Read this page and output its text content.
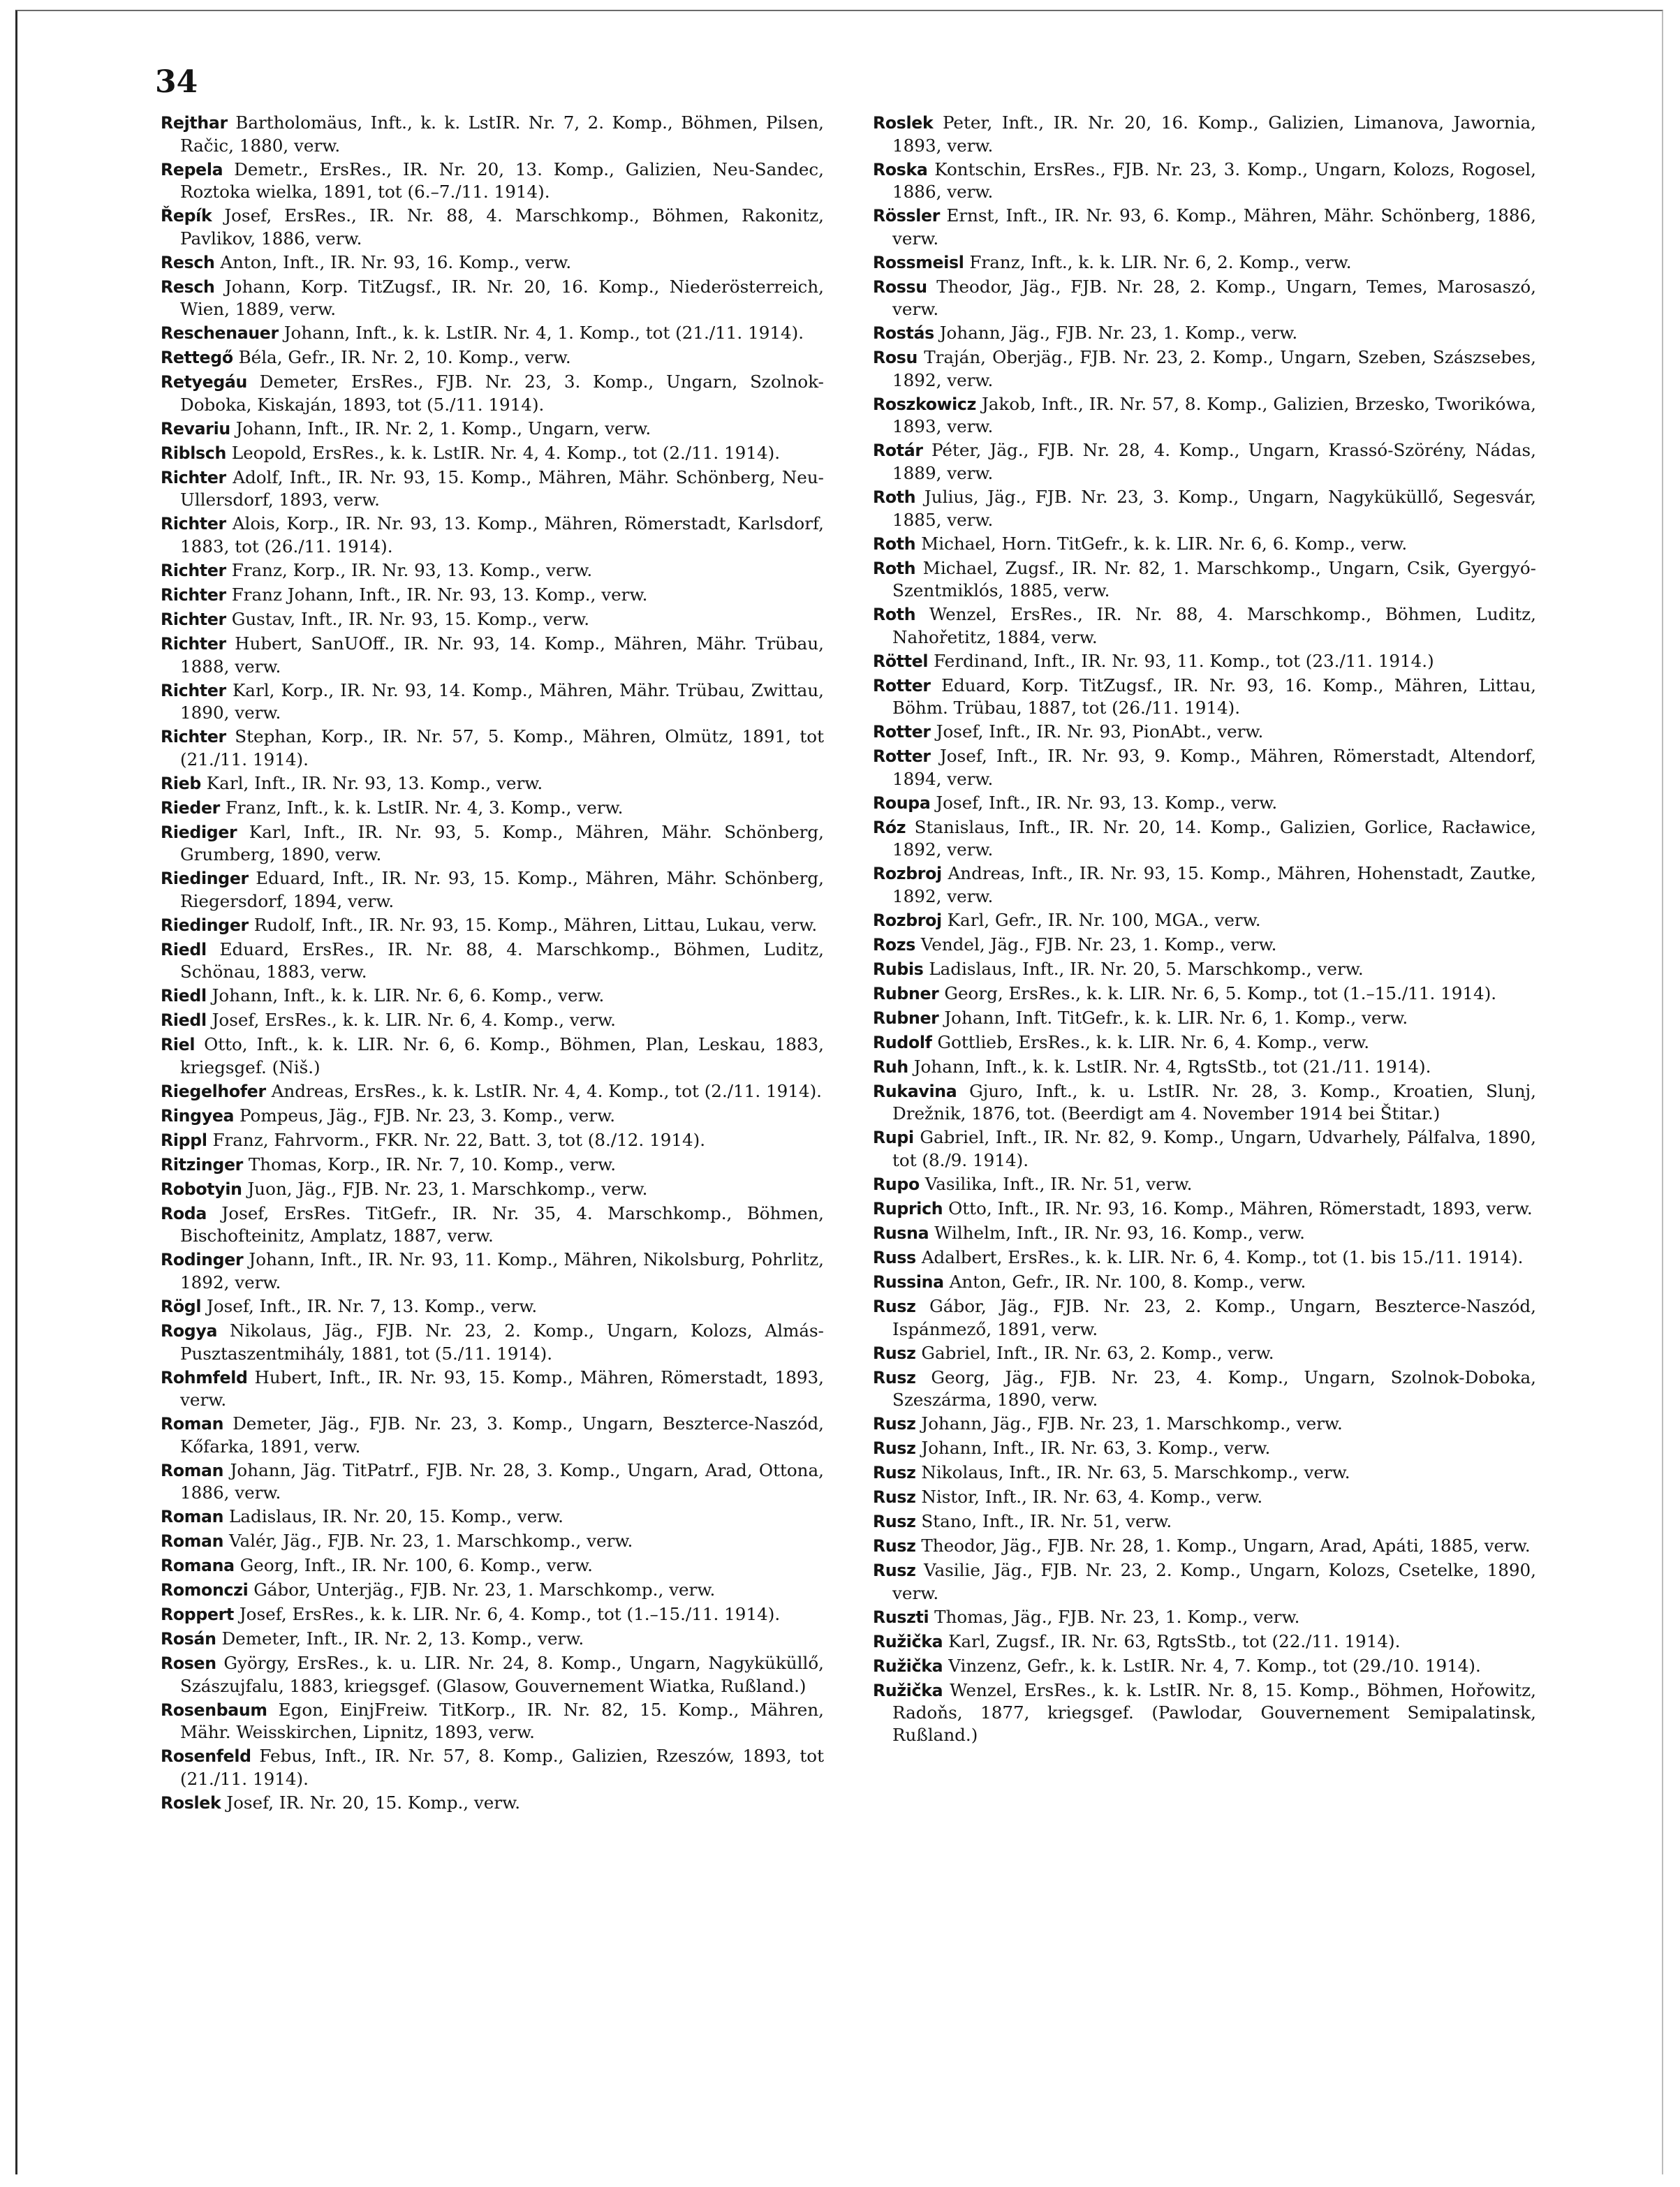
34
Rejthar Bartholomäus, Inft., k. k. LstIR. Nr. 7, 2. Komp., Böhmen, Pilsen, Račic, 1880, verw.
Repela Demetr., ErsRes., IR. Nr. 20, 13. Komp., Galizien, Neu-Sandec, Roztoka wielka, 1891, tot (6.–7./11. 1914).
Řepík Josef, ErsRes., IR. Nr. 88, 4. Marschkomp., Böhmen, Rakonitz, Pavlikov, 1886, verw.
Resch Anton, Inft., IR. Nr. 93, 16. Komp., verw.
Resch Johann, Korp. TitZugsf., IR. Nr. 20, 16. Komp., Niederösterreich, Wien, 1889, verw.
Reschenauer Johann, Inft., k. k. LstIR. Nr. 4, 1. Komp., tot (21./11. 1914).
Rettegő Béla, Gefr., IR. Nr. 2, 10. Komp., verw.
Retyegáu Demeter, ErsRes., FJB. Nr. 23, 3. Komp., Ungarn, Szolnok-Doboka, Kiskaján, 1893, tot (5./11. 1914).
Revariu Johann, Inft., IR. Nr. 2, 1. Komp., Ungarn, verw.
Riblsch Leopold, ErsRes., k. k. LstIR. Nr. 4, 4. Komp., tot (2./11. 1914).
Richter Adolf, Inft., IR. Nr. 93, 15. Komp., Mähren, Mähr. Schönberg, Neu-Ullersdorf, 1893, verw.
Richter Alois, Korp., IR. Nr. 93, 13. Komp., Mähren, Römerstadt, Karlsdorf, 1883, tot (26./11. 1914).
Richter Franz, Korp., IR. Nr. 93, 13. Komp., verw.
Richter Franz Johann, Inft., IR. Nr. 93, 13. Komp., verw.
Richter Gustav, Inft., IR. Nr. 93, 15. Komp., verw.
Richter Hubert, SanUOff., IR. Nr. 93, 14. Komp., Mähren, Mähr. Trübau, 1888, verw.
Richter Karl, Korp., IR. Nr. 93, 14. Komp., Mähren, Mähr. Trübau, Zwittau, 1890, verw.
Richter Stephan, Korp., IR. Nr. 57, 5. Komp., Mähren, Olmütz, 1891, tot (21./11. 1914).
Rieb Karl, Inft., IR. Nr. 93, 13. Komp., verw.
Rieder Franz, Inft., k. k. LstIR. Nr. 4, 3. Komp., verw.
Riediger Karl, Inft., IR. Nr. 93, 5. Komp., Mähren, Mähr. Schönberg, Grumberg, 1890, verw.
Riedinger Eduard, Inft., IR. Nr. 93, 15. Komp., Mähren, Mähr. Schönberg, Riegersdorf, 1894, verw.
Riedinger Rudolf, Inft., IR. Nr. 93, 15. Komp., Mähren, Littau, Lukau, verw.
Riedl Eduard, ErsRes., IR. Nr. 88, 4. Marschkomp., Böhmen, Luditz, Schönau, 1883, verw.
Riedl Johann, Inft., k. k. LIR. Nr. 6, 6. Komp., verw.
Riedl Josef, ErsRes., k. k. LIR. Nr. 6, 4. Komp., verw.
Riel Otto, Inft., k. k. LIR. Nr. 6, 6. Komp., Böhmen, Plan, Leskau, 1883, kriegsgef. (Niš.)
Riegelhofer Andreas, ErsRes., k. k. LstIR. Nr. 4, 4. Komp., tot (2./11. 1914).
Ringyea Pompeus, Jäg., FJB. Nr. 23, 3. Komp., verw.
Rippl Franz, Fahrvorm., FKR. Nr. 22, Batt. 3, tot (8./12. 1914).
Ritzinger Thomas, Korp., IR. Nr. 7, 10. Komp., verw.
Robotyin Juon, Jäg., FJB. Nr. 23, 1. Marschkomp., verw.
Roda Josef, ErsRes. TitGefr., IR. Nr. 35, 4. Marschkomp., Böhmen, Bischofteinitz, Amplatz, 1887, verw.
Rodinger Johann, Inft., IR. Nr. 93, 11. Komp., Mähren, Nikolsburg, Pohrlitz, 1892, verw.
Rögl Josef, Inft., IR. Nr. 7, 13. Komp., verw.
Rogya Nikolaus, Jäg., FJB. Nr. 23, 2. Komp., Ungarn, Kolozs, Almás-Pusztaszentmihály, 1881, tot (5./11. 1914).
Rohmfeld Hubert, Inft., IR. Nr. 93, 15. Komp., Mähren, Römerstadt, 1893, verw.
Roman Demeter, Jäg., FJB. Nr. 23, 3. Komp., Ungarn, Beszterce-Naszód, Kőfarka, 1891, verw.
Roman Johann, Jäg. TitPatrf., FJB. Nr. 28, 3. Komp., Ungarn, Arad, Ottona, 1886, verw.
Roman Ladislaus, IR. Nr. 20, 15. Komp., verw.
Roman Valér, Jäg., FJB. Nr. 23, 1. Marschkomp., verw.
Romana Georg, Inft., IR. Nr. 100, 6. Komp., verw.
Romonczi Gábor, Unterjäg., FJB. Nr. 23, 1. Marschkomp., verw.
Roppert Josef, ErsRes., k. k. LIR. Nr. 6, 4. Komp., tot (1.–15./11. 1914).
Rosán Demeter, Inft., IR. Nr. 2, 13. Komp., verw.
Rosen György, ErsRes., k. u. LIR. Nr. 24, 8. Komp., Ungarn, Nagyküküllő, Szászujfalu, 1883, kriegsgef. (Glasow, Gouvernement Wiatka, Rußland.)
Rosenbaum Egon, EinjFreiw. TitKorp., IR. Nr. 82, 15. Komp., Mähren, Mähr. Weisskirchen, Lipnitz, 1893, verw.
Rosenfeld Febus, Inft., IR. Nr. 57, 8. Komp., Galizien, Rzeszów, 1893, tot (21./11. 1914).
Roslek Josef, IR. Nr. 20, 15. Komp., verw.
Roslek Peter, Inft., IR. Nr. 20, 16. Komp., Galizien, Limanova, Jawornia, 1893, verw.
Roska Kontschin, ErsRes., FJB. Nr. 23, 3. Komp., Ungarn, Kolozs, Rogosel, 1886, verw.
Rössler Ernst, Inft., IR. Nr. 93, 6. Komp., Mähren, Mähr. Schönberg, 1886, verw.
Rossmeisl Franz, Inft., k. k. LIR. Nr. 6, 2. Komp., verw.
Rossu Theodor, Jäg., FJB. Nr. 28, 2. Komp., Ungarn, Temes, Marosaszó, verw.
Rostás Johann, Jäg., FJB. Nr. 23, 1. Komp., verw.
Rosu Traján, Oberjäg., FJB. Nr. 23, 2. Komp., Ungarn, Szeben, Szászsebes, 1892, verw.
Roszkowicz Jakob, Inft., IR. Nr. 57, 8. Komp., Galizien, Brzesko, Tworikówa, 1893, verw.
Rotár Péter, Jäg., FJB. Nr. 28, 4. Komp., Ungarn, Krassó-Szörény, Nádas, 1889, verw.
Roth Julius, Jäg., FJB. Nr. 23, 3. Komp., Ungarn, Nagyküküllő, Segesvár, 1885, verw.
Roth Michael, Horn. TitGefr., k. k. LIR. Nr. 6, 6. Komp., verw.
Roth Michael, Zugsf., IR. Nr. 82, 1. Marschkomp., Ungarn, Csik, Gyergyó-Szentmiklós, 1885, verw.
Roth Wenzel, ErsRes., IR. Nr. 88, 4. Marschkomp., Böhmen, Luditz, Nahořetitz, 1884, verw.
Röttel Ferdinand, Inft., IR. Nr. 93, 11. Komp., tot (23./11. 1914.)
Rotter Eduard, Korp. TitZugsf., IR. Nr. 93, 16. Komp., Mähren, Littau, Böhm. Trübau, 1887, tot (26./11. 1914).
Rotter Josef, Inft., IR. Nr. 93, PionAbt., verw.
Rotter Josef, Inft., IR. Nr. 93, 9. Komp., Mähren, Römerstadt, Altendorf, 1894, verw.
Roupa Josef, Inft., IR. Nr. 93, 13. Komp., verw.
Róz Stanislaus, Inft., IR. Nr. 20, 14. Komp., Galizien, Gorlice, Racławice, 1892, verw.
Rozbroj Andreas, Inft., IR. Nr. 93, 15. Komp., Mähren, Hohenstadt, Zautke, 1892, verw.
Rozbroj Karl, Gefr., IR. Nr. 100, MGA., verw.
Rozs Vendel, Jäg., FJB. Nr. 23, 1. Komp., verw.
Rubis Ladislaus, Inft., IR. Nr. 20, 5. Marschkomp., verw.
Rubner Georg, ErsRes., k. k. LIR. Nr. 6, 5. Komp., tot (1.–15./11. 1914).
Rubner Johann, Inft. TitGefr., k. k. LIR. Nr. 6, 1. Komp., verw.
Rudolf Gottlieb, ErsRes., k. k. LIR. Nr. 6, 4. Komp., verw.
Ruh Johann, Inft., k. k. LstIR. Nr. 4, RgtsStb., tot (21./11. 1914).
Rukavina Gjuro, Inft., k. u. LstIR. Nr. 28, 3. Komp., Kroatien, Slunj, Drežnik, 1876, tot. (Beerdigt am 4. November 1914 bei Štitar.)
Rupi Gabriel, Inft., IR. Nr. 82, 9. Komp., Ungarn, Udvarhely, Pálfalva, 1890, tot (8./9. 1914).
Rupo Vasilika, Inft., IR. Nr. 51, verw.
Ruprich Otto, Inft., IR. Nr. 93, 16. Komp., Mähren, Römerstadt, 1893, verw.
Rusna Wilhelm, Inft., IR. Nr. 93, 16. Komp., verw.
Russ Adalbert, ErsRes., k. k. LIR. Nr. 6, 4. Komp., tot (1. bis 15./11. 1914).
Russina Anton, Gefr., IR. Nr. 100, 8. Komp., verw.
Rusz Gábor, Jäg., FJB. Nr. 23, 2. Komp., Ungarn, Beszterce-Naszód, Ispánmező, 1891, verw.
Rusz Gabriel, Inft., IR. Nr. 63, 2. Komp., verw.
Rusz Georg, Jäg., FJB. Nr. 23, 4. Komp., Ungarn, Szolnok-Doboka, Szeszárma, 1890, verw.
Rusz Johann, Jäg., FJB. Nr. 23, 1. Marschkomp., verw.
Rusz Johann, Inft., IR. Nr. 63, 3. Komp., verw.
Rusz Nikolaus, Inft., IR. Nr. 63, 5. Marschkomp., verw.
Rusz Nistor, Inft., IR. Nr. 63, 4. Komp., verw.
Rusz Stano, Inft., IR. Nr. 51, verw.
Rusz Theodor, Jäg., FJB. Nr. 28, 1. Komp., Ungarn, Arad, Apáti, 1885, verw.
Rusz Vasilie, Jäg., FJB. Nr. 23, 2. Komp., Ungarn, Kolozs, Csetelke, 1890, verw.
Ruszti Thomas, Jäg., FJB. Nr. 23, 1. Komp., verw.
Ružička Karl, Zugsf., IR. Nr. 63, RgtsStb., tot (22./11. 1914).
Ružička Vinzenz, Gefr., k. k. LstIR. Nr. 4, 7. Komp., tot (29./10. 1914).
Ružička Wenzel, ErsRes., k. k. LstIR. Nr. 8, 15. Komp., Böhmen, Hořowitz, Radoňs, 1877, kriegsgef. (Pawlodar, Gouvernement Semipalatinsk, Rußland.)
